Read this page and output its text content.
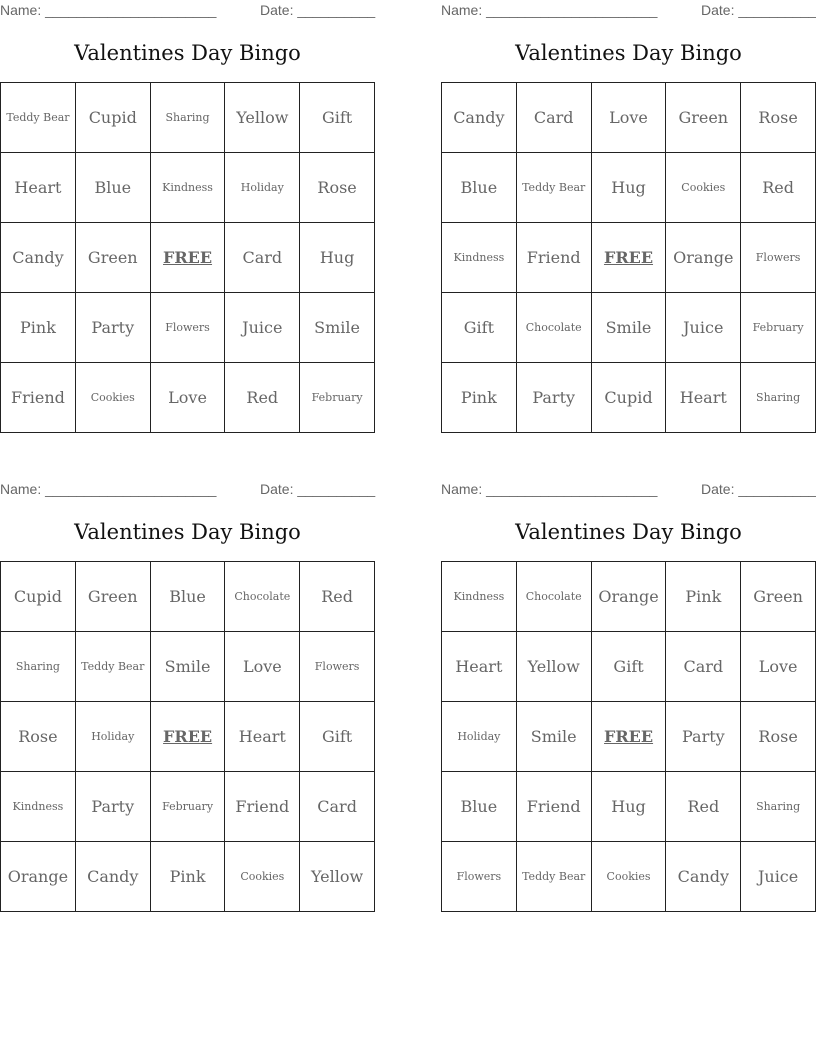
Name: ______________________	Date: __________
Valentines Day Bingo
Teddy Bear	Cupid	Sharing	Yellow	Gift
Heart	Blue	Kindness	Holiday	Rose
Candy	Green	FREE	Card	Hug
Pink	Party	Flowers	Juice	Smile
Friend	Cookies	Love	Red	February
Name: ______________________	Date: __________
Valentines Day Bingo
Candy	Card	Love	Green	Rose
Blue	Teddy Bear	Hug	Cookies	Red
Kindness	Friend	FREE	Orange	Flowers
Gift	Chocolate	Smile	Juice	February
Pink	Party	Cupid	Heart	Sharing
Name: ______________________	Date: __________
Valentines Day Bingo
Cupid	Green	Blue	Chocolate	Red
Sharing	Teddy Bear	Smile	Love	Flowers
Rose	Holiday	FREE	Heart	Gift
Kindness	Party	February	Friend	Card
Orange	Candy	Pink	Cookies	Yellow
Name: ______________________	Date: __________
Valentines Day Bingo
Kindness	Chocolate	Orange	Pink	Green
Heart	Yellow	Gift	Card	Love
Holiday	Smile	FREE	Party	Rose
Blue	Friend	Hug	Red	Sharing
Flowers	Teddy Bear	Cookies	Candy	Juice
